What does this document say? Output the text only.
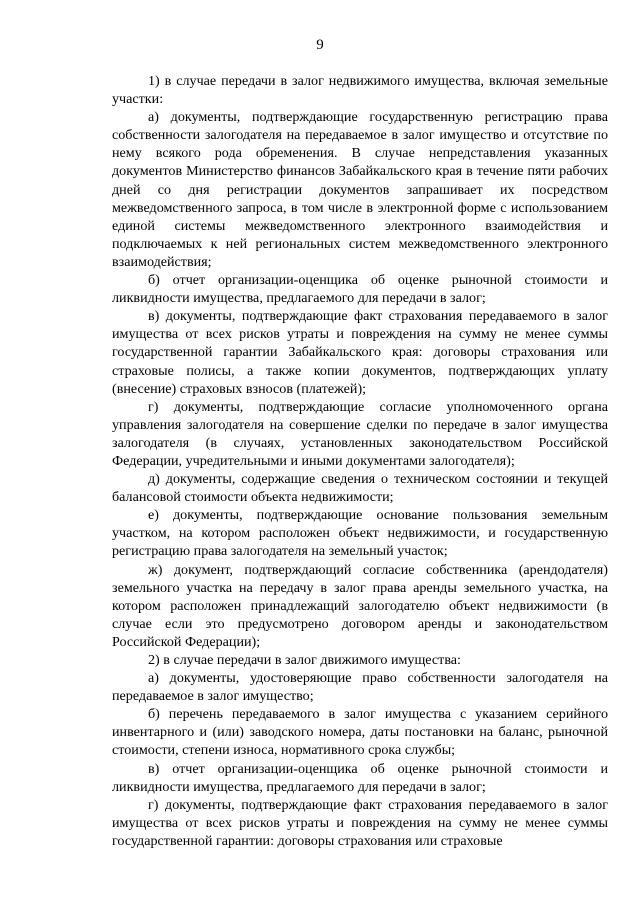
9

1) в случае передачи в залог недвижимого имущества, включая земельные участки:

а) документы, подтверждающие государственную регистрацию права собственности залогодателя на передаваемое в залог имущество и отсутствие по нему всякого рода обременения. В случае непредставления указанных документов Министерство финансов Забайкальского края в течение пяти рабочих дней со дня регистрации документов запрашивает их посредством межведомственного запроса, в том числе в электронной форме с использованием единой системы межведомственного электронного взаимодействия и подключаемых к ней региональных систем межведомственного электронного взаимодействия;

б) отчет организации-оценщика об оценке рыночной стоимости и ликвидности имущества, предлагаемого для передачи в залог;

в) документы, подтверждающие факт страхования передаваемого в залог имущества от всех рисков утраты и повреждения на сумму не менее суммы государственной гарантии Забайкальского края: договоры страхования или страховые полисы, а также копии документов, подтверждающих уплату (внесение) страховых взносов (платежей);

г) документы, подтверждающие согласие уполномоченного органа управления залогодателя на совершение сделки по передаче в залог имущества залогодателя (в случаях, установленных законодательством Российской Федерации, учредительными и иными документами залогодателя);

д) документы, содержащие сведения о техническом состоянии и текущей балансовой стоимости объекта недвижимости;

е) документы, подтверждающие основание пользования земельным участком, на котором расположен объект недвижимости, и государственную регистрацию права залогодателя на земельный участок;

ж) документ, подтверждающий согласие собственника (арендодателя) земельного участка на передачу в залог права аренды земельного участка, на котором расположен принадлежащий залогодателю объект недвижимости (в случае если это предусмотрено договором аренды и законодательством Российской Федерации);

2) в случае передачи в залог движимого имущества:

а) документы, удостоверяющие право собственности залогодателя на передаваемое в залог имущество;

б) перечень передаваемого в залог имущества с указанием серийного инвентарного и (или) заводского номера, даты постановки на баланс, рыночной стоимости, степени износа, нормативного срока службы;

в) отчет организации-оценщика об оценке рыночной стоимости и ликвидности имущества, предлагаемого для передачи в залог;

г) документы, подтверждающие факт страхования передаваемого в залог имущества от всех рисков утраты и повреждения на сумму не менее суммы государственной гарантии: договоры страхования или страховые
